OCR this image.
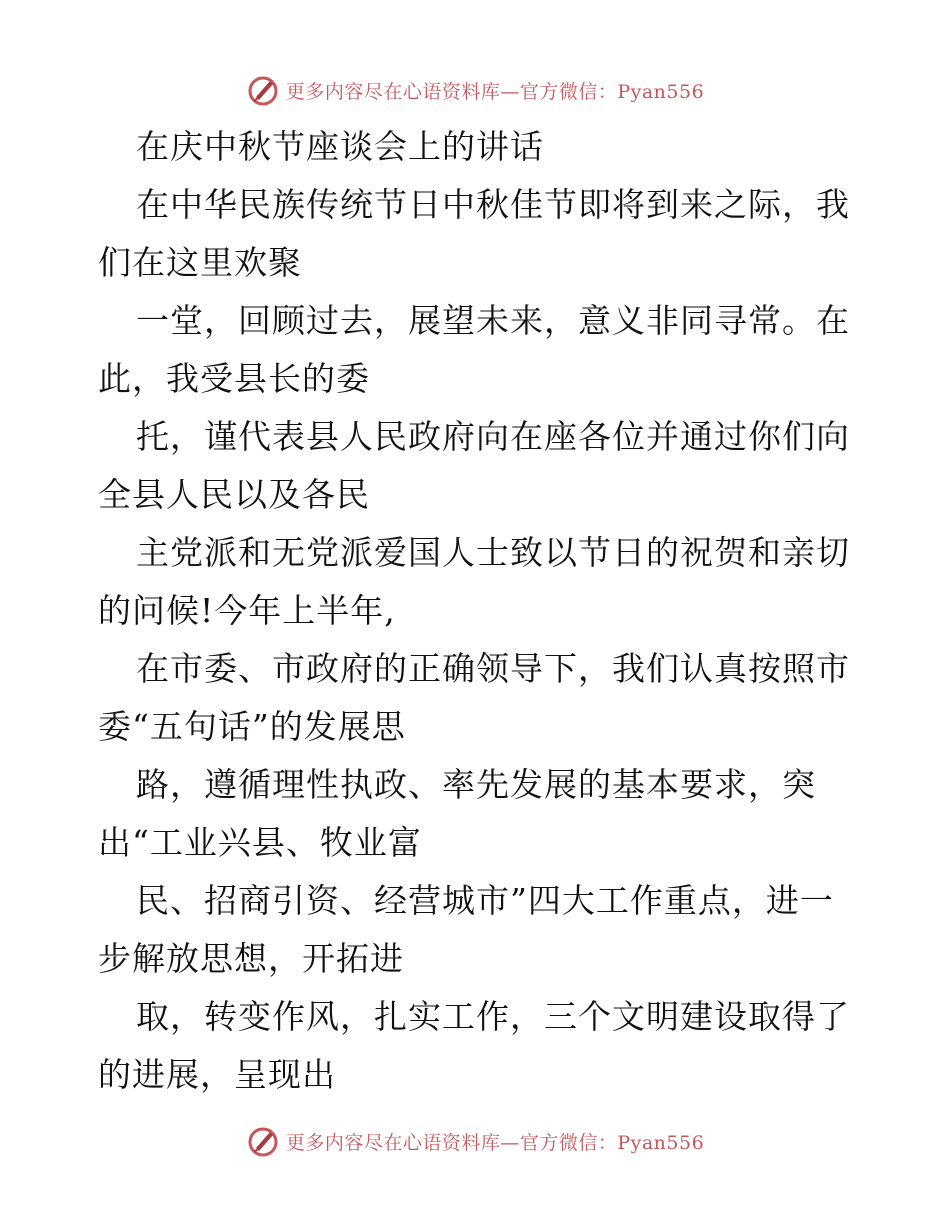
更多内容尽在心语资料库—官方微信：Pyan556
在庆中秋节座谈会上的讲话
在中华民族传统节日中秋佳节即将到来之际，我
们在这里欢聚
一堂，回顾过去，展望未来，意义非同寻常。在
此，我受县长的委
托，谨代表县人民政府向在座各位并通过你们向
全县人民以及各民
主党派和无党派爱国人士致以节日的祝贺和亲切
的问候!今年上半年,
在市委、市政府的正确领导下，我们认真按照市
委“五句话”的发展思
路，遵循理性执政、率先发展的基本要求，突
出“工业兴县、牧业富
民、招商引资、经营城市”四大工作重点，进一
步解放思想，开拓进
取，转变作风，扎实工作，三个文明建设取得了
的进展，呈现出
更多内容尽在心语资料库—官方微信：Pyan556
